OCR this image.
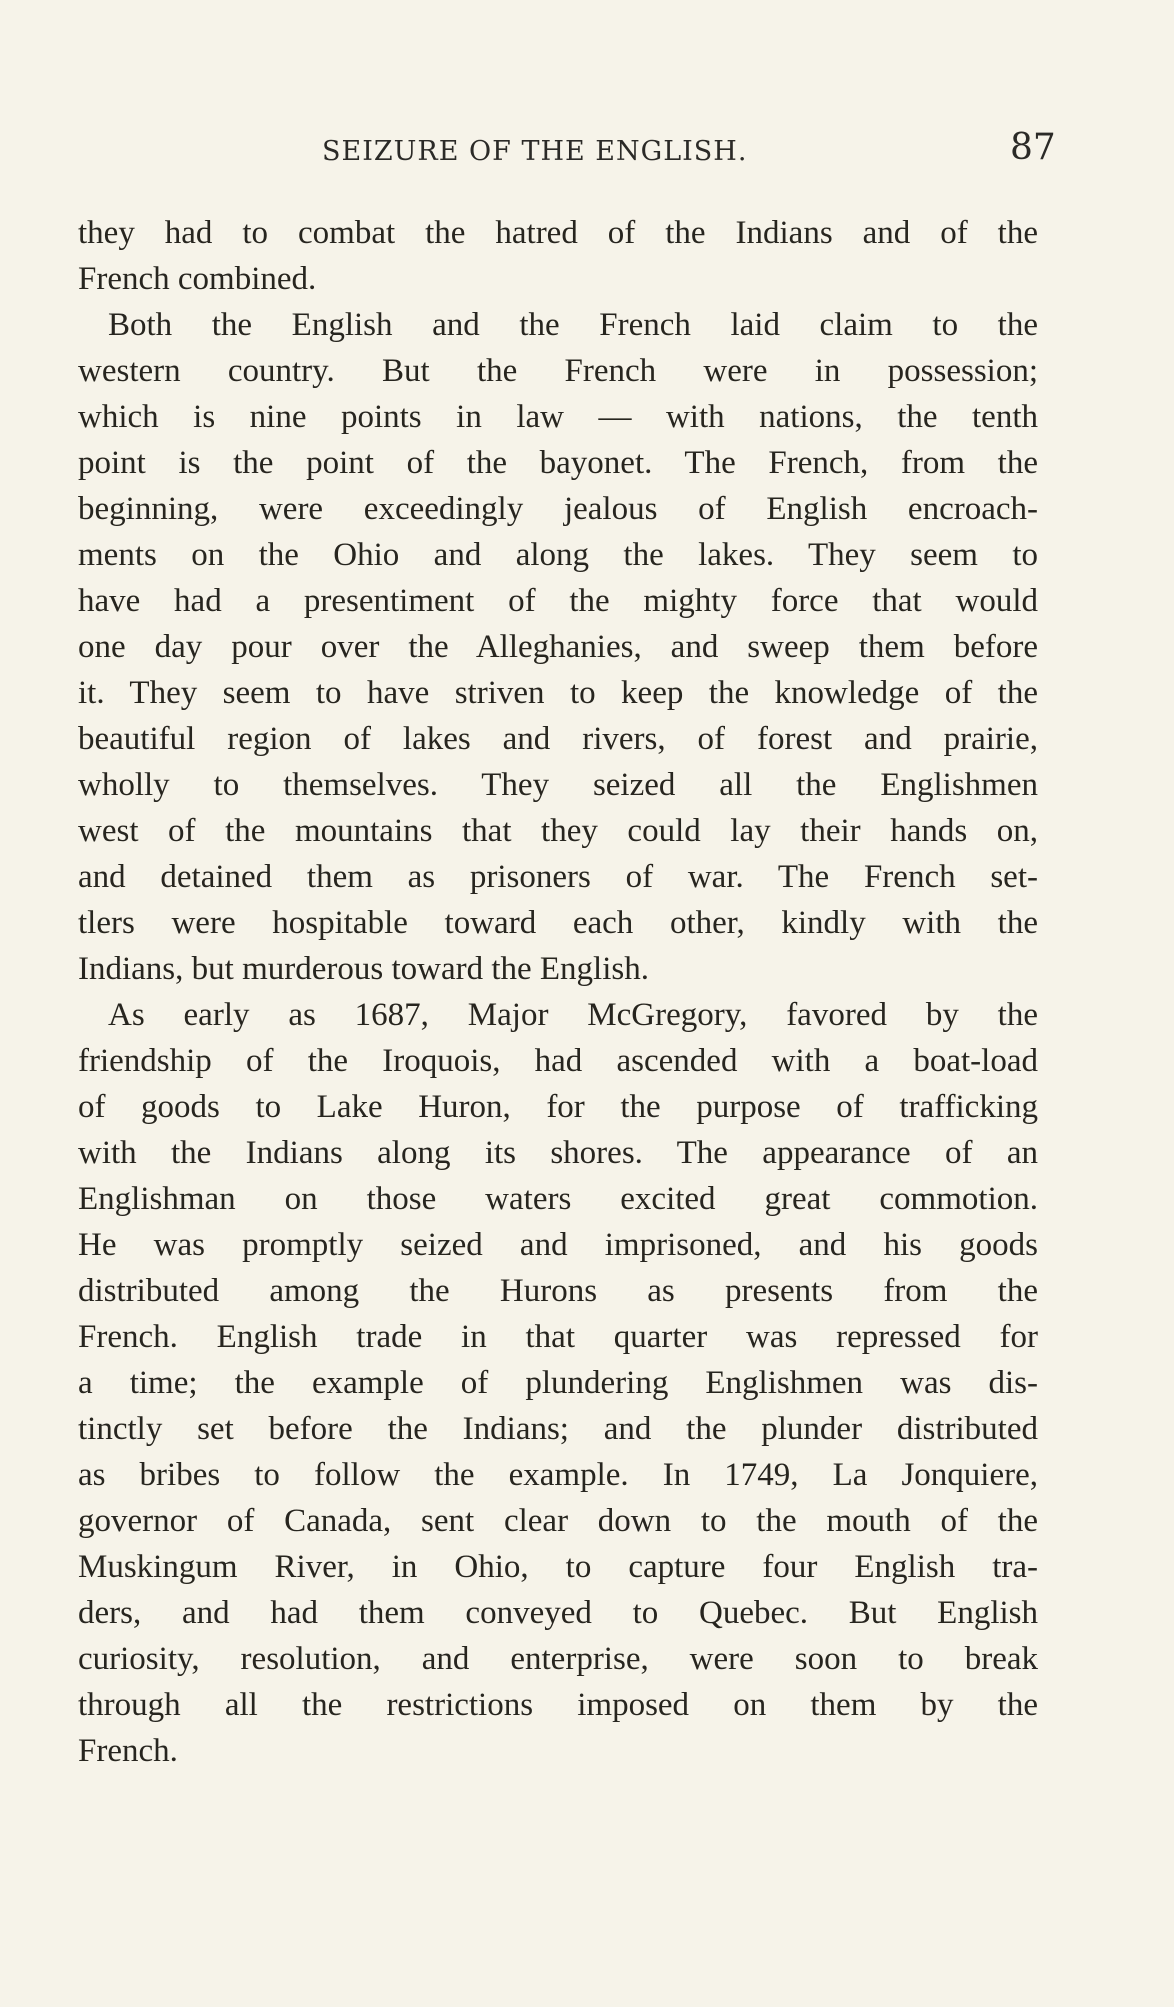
SEIZURE OF THE ENGLISH.	87
they had to combat the hatred of the Indians and of the
French combined.
Both the English and the French laid claim to the
western country. But the French were in possession;
which is nine points in law — with nations, the tenth
point is the point of the bayonet. The French, from the
beginning, were exceedingly jealous of English encroach-
ments on the Ohio and along the lakes. They seem to
have had a presentiment of the mighty force that would
one day pour over the Alleghanies, and sweep them before
it. They seem to have striven to keep the knowledge of the
beautiful region of lakes and rivers, of forest and prairie,
wholly to themselves. They seized all the Englishmen
west of the mountains that they could lay their hands on,
and detained them as prisoners of war. The French set-
tlers were hospitable toward each other, kindly with the
Indians, but murderous toward the English.
As early as 1687, Major McGregory, favored by the
friendship of the Iroquois, had ascended with a boat-load
of goods to Lake Huron, for the purpose of trafficking
with the Indians along its shores. The appearance of an
Englishman on those waters excited great commotion.
He was promptly seized and imprisoned, and his goods
distributed among the Hurons as presents from the
French. English trade in that quarter was repressed for
a time; the example of plundering Englishmen was dis-
tinctly set before the Indians; and the plunder distributed
as bribes to follow the example. In 1749, La Jonquiere,
governor of Canada, sent clear down to the mouth of the
Muskingum River, in Ohio, to capture four English tra-
ders, and had them conveyed to Quebec. But English
curiosity, resolution, and enterprise, were soon to break
through all the restrictions imposed on them by the
French.
